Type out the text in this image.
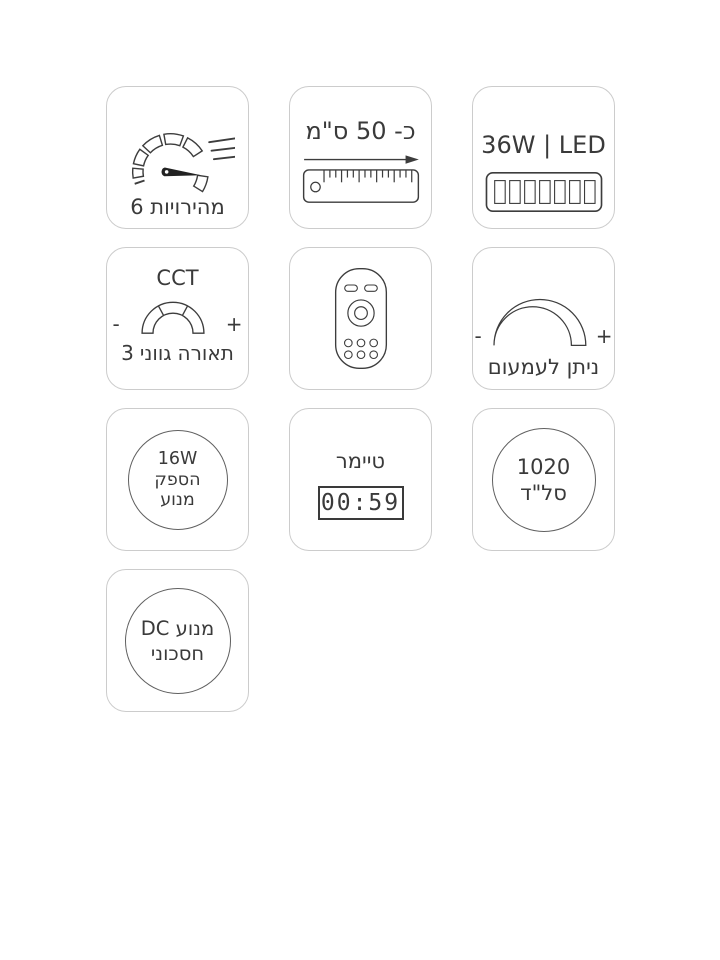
6 מהירויות
כ- 50 ס"מ	36W | LED
CCT
-	+
3 גווני תאורה
-	+
ניתן לעמעום
16W
הספק
מנוע
טיימר
00:59
1020
סל"ד
מנוע DC
חסכוני
